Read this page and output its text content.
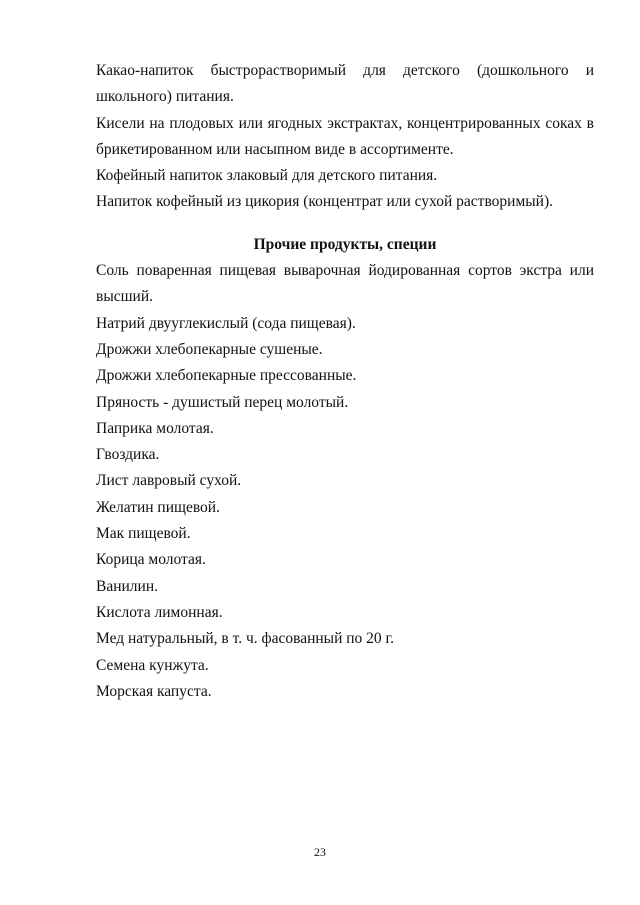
Какао-напиток быстрорастворимый для детского (дошкольного и школьного) питания.

Кисели на плодовых или ягодных экстрактах, концентрированных соках в брикетированном или насыпном виде в ассортименте.

Кофейный напиток злаковый для детского питания.

Напиток кофейный из цикория (концентрат или сухой растворимый).

Прочие продукты, специи

Соль поваренная пищевая выварочная йодированная сортов экстра или высший.

Натрий двууглекислый (сода пищевая).

Дрожжи хлебопекарные сушеные.

Дрожжи хлебопекарные прессованные.

Пряность - душистый перец молотый.

Паприка молотая.

Гвоздика.

Лист лавровый сухой.

Желатин пищевой.

Мак пищевой.

Корица молотая.

Ванилин.

Кислота лимонная.

Мед натуральный, в т. ч. фасованный по 20 г.

Семена кунжута.

Морская капуста.

23
